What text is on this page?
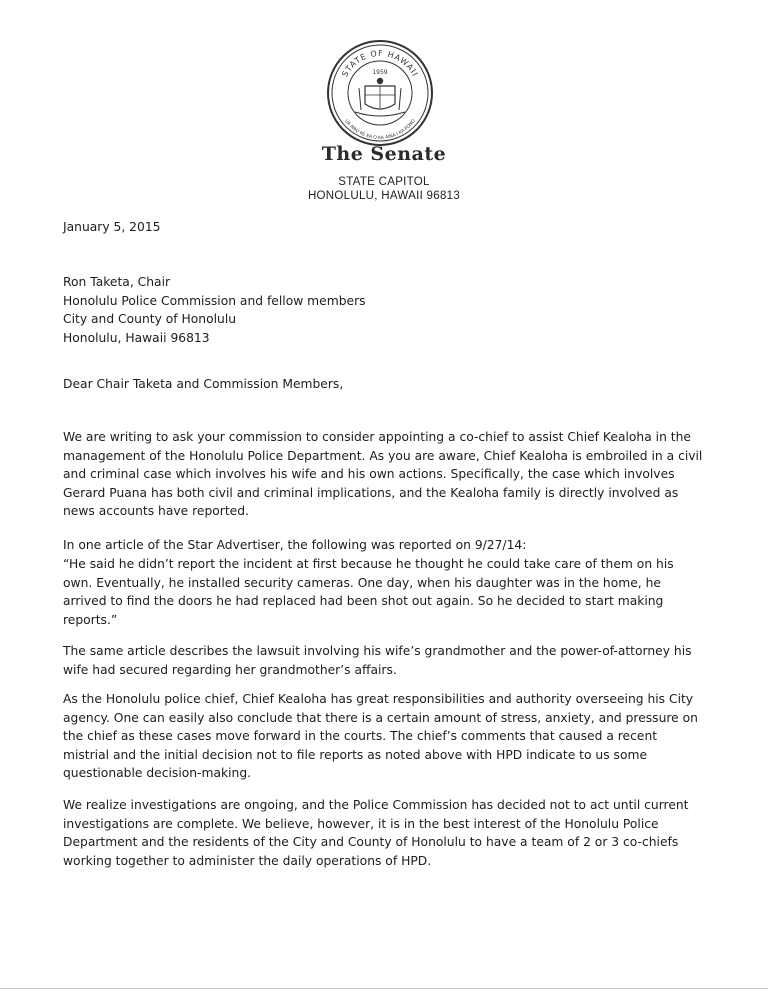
STATE OF HAWAII
UA MAU KE EA O KA AINA I KA PONO
1959
The Senate
STATE CAPITOL
HONOLULU, HAWAII 96813
January 5, 2015
Ron Taketa, Chair
Honolulu Police Commission and fellow members
City and County of Honolulu
Honolulu, Hawaii 96813
Dear Chair Taketa and Commission Members,

We are writing to ask your commission to consider appointing a co-chief to assist Chief Kealoha in the management of the Honolulu Police Department. As you are aware, Chief Kealoha is embroiled in a civil and criminal case which involves his wife and his own actions. Specifically, the case which involves Gerard Puana has both civil and criminal implications, and the Kealoha family is directly involved as news accounts have reported.

In one article of the Star Advertiser, the following was reported on 9/27/14:

“He said he didn’t report the incident at first because he thought he could take care of them on his own. Eventually, he installed security cameras. One day, when his daughter was in the home, he arrived to find the doors he had replaced had been shot out again. So he decided to start making reports.”

The same article describes the lawsuit involving his wife’s grandmother and the power-of-attorney his wife had secured regarding her grandmother’s affairs.

As the Honolulu police chief, Chief Kealoha has great responsibilities and authority overseeing his City agency. One can easily also conclude that there is a certain amount of stress, anxiety, and pressure on the chief as these cases move forward in the courts. The chief’s comments that caused a recent mistrial and the initial decision not to file reports as noted above with HPD indicate to us some questionable decision-making.

We realize investigations are ongoing, and the Police Commission has decided not to act until current investigations are complete. We believe, however, it is in the best interest of the Honolulu Police Department and the residents of the City and County of Honolulu to have a team of 2 or 3 co-chiefs working together to administer the daily operations of HPD.
